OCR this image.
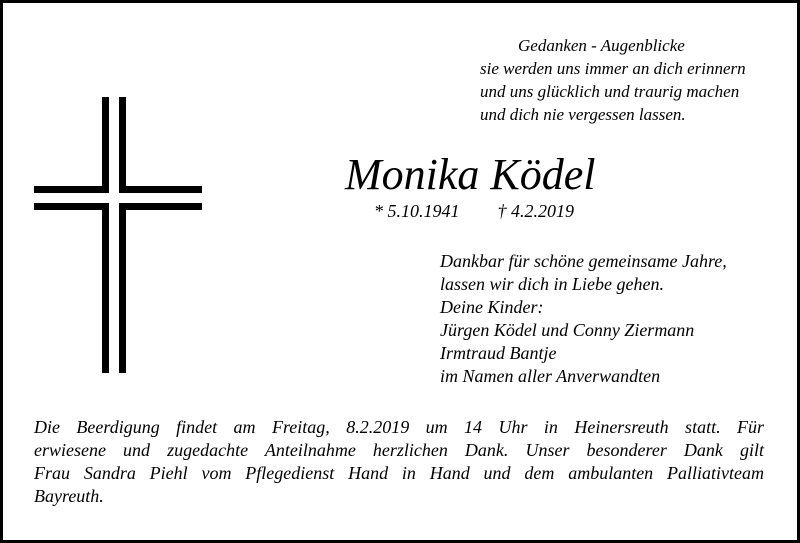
Gedanken - Augenblicke
sie werden uns immer an dich erinnern
und uns glücklich und traurig machen
und dich nie vergessen lassen.
Monika Ködel
* 5.10.1941 † 4.2.2019
Dankbar für schöne gemeinsame Jahre,
lassen wir dich in Liebe gehen.
Deine Kinder:
Jürgen Ködel und Conny Ziermann
Irmtraud Bantje
im Namen aller Anverwandten
Die Beerdigung findet am Freitag, 8.2.2019 um 14 Uhr in Heinersreuth statt. Für
erwiesene und zugedachte Anteilnahme herzlichen Dank. Unser besonderer Dank gilt
Frau Sandra Piehl vom Pflegedienst Hand in Hand und dem ambulanten Palliativteam
Bayreuth.
